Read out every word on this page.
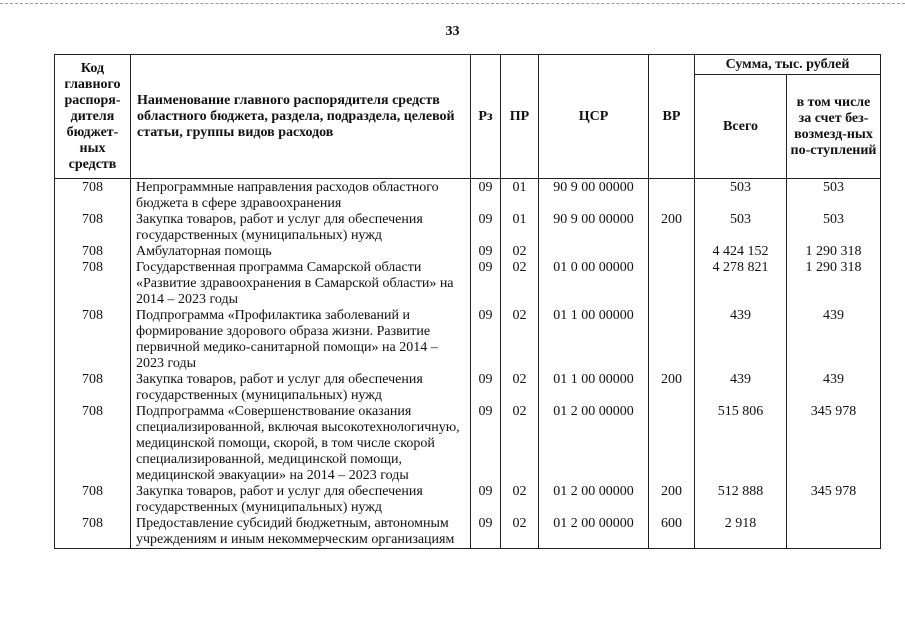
33
Код главного распоря-дителя бюджет-ных средств	Наименование главного распорядителя средств областного бюджета, раздела, подраздела, целевой статьи, группы видов расходов	Рз	ПР	ЦСР	ВР	Сумма, тыс. рублей	
						Всего	в том числе за счет без-возмезд-ных по-ступлений
708	Непрограммные направления расходов областного бюджета в сфере здравоохранения	09	01	90 9 00 00000		503	503
708	Закупка товаров, работ и услуг для обеспечения государственных (муниципальных) нужд	09	01	90 9 00 00000	200	503	503
708	Амбулаторная помощь	09	02			4 424 152	1 290 318
708	Государственная программа Самарской области «Развитие здравоохранения в Самарской области» на 2014 – 2023 годы	09	02	01 0 00 00000		4 278 821	1 290 318
708	Подпрограмма «Профилактика заболеваний и формирование здорового образа жизни. Развитие первичной медико-санитарной помощи» на 2014 – 2023 годы	09	02	01 1 00 00000		439	439
708	Закупка товаров, работ и услуг для обеспечения государственных (муниципальных) нужд	09	02	01 1 00 00000	200	439	439
708	Подпрограмма «Совершенствование оказания специализированной, включая высокотехнологичную, медицинской помощи, скорой, в том числе скорой специализированной, медицинской помощи, медицинской эвакуации» на 2014 – 2023 годы	09	02	01 2 00 00000		515 806	345 978
708	Закупка товаров, работ и услуг для обеспечения государственных (муниципальных) нужд	09	02	01 2 00 00000	200	512 888	345 978
708	Предоставление субсидий бюджетным, автономным учреждениям и иным некоммерческим организациям	09	02	01 2 00 00000	600	2 918	
